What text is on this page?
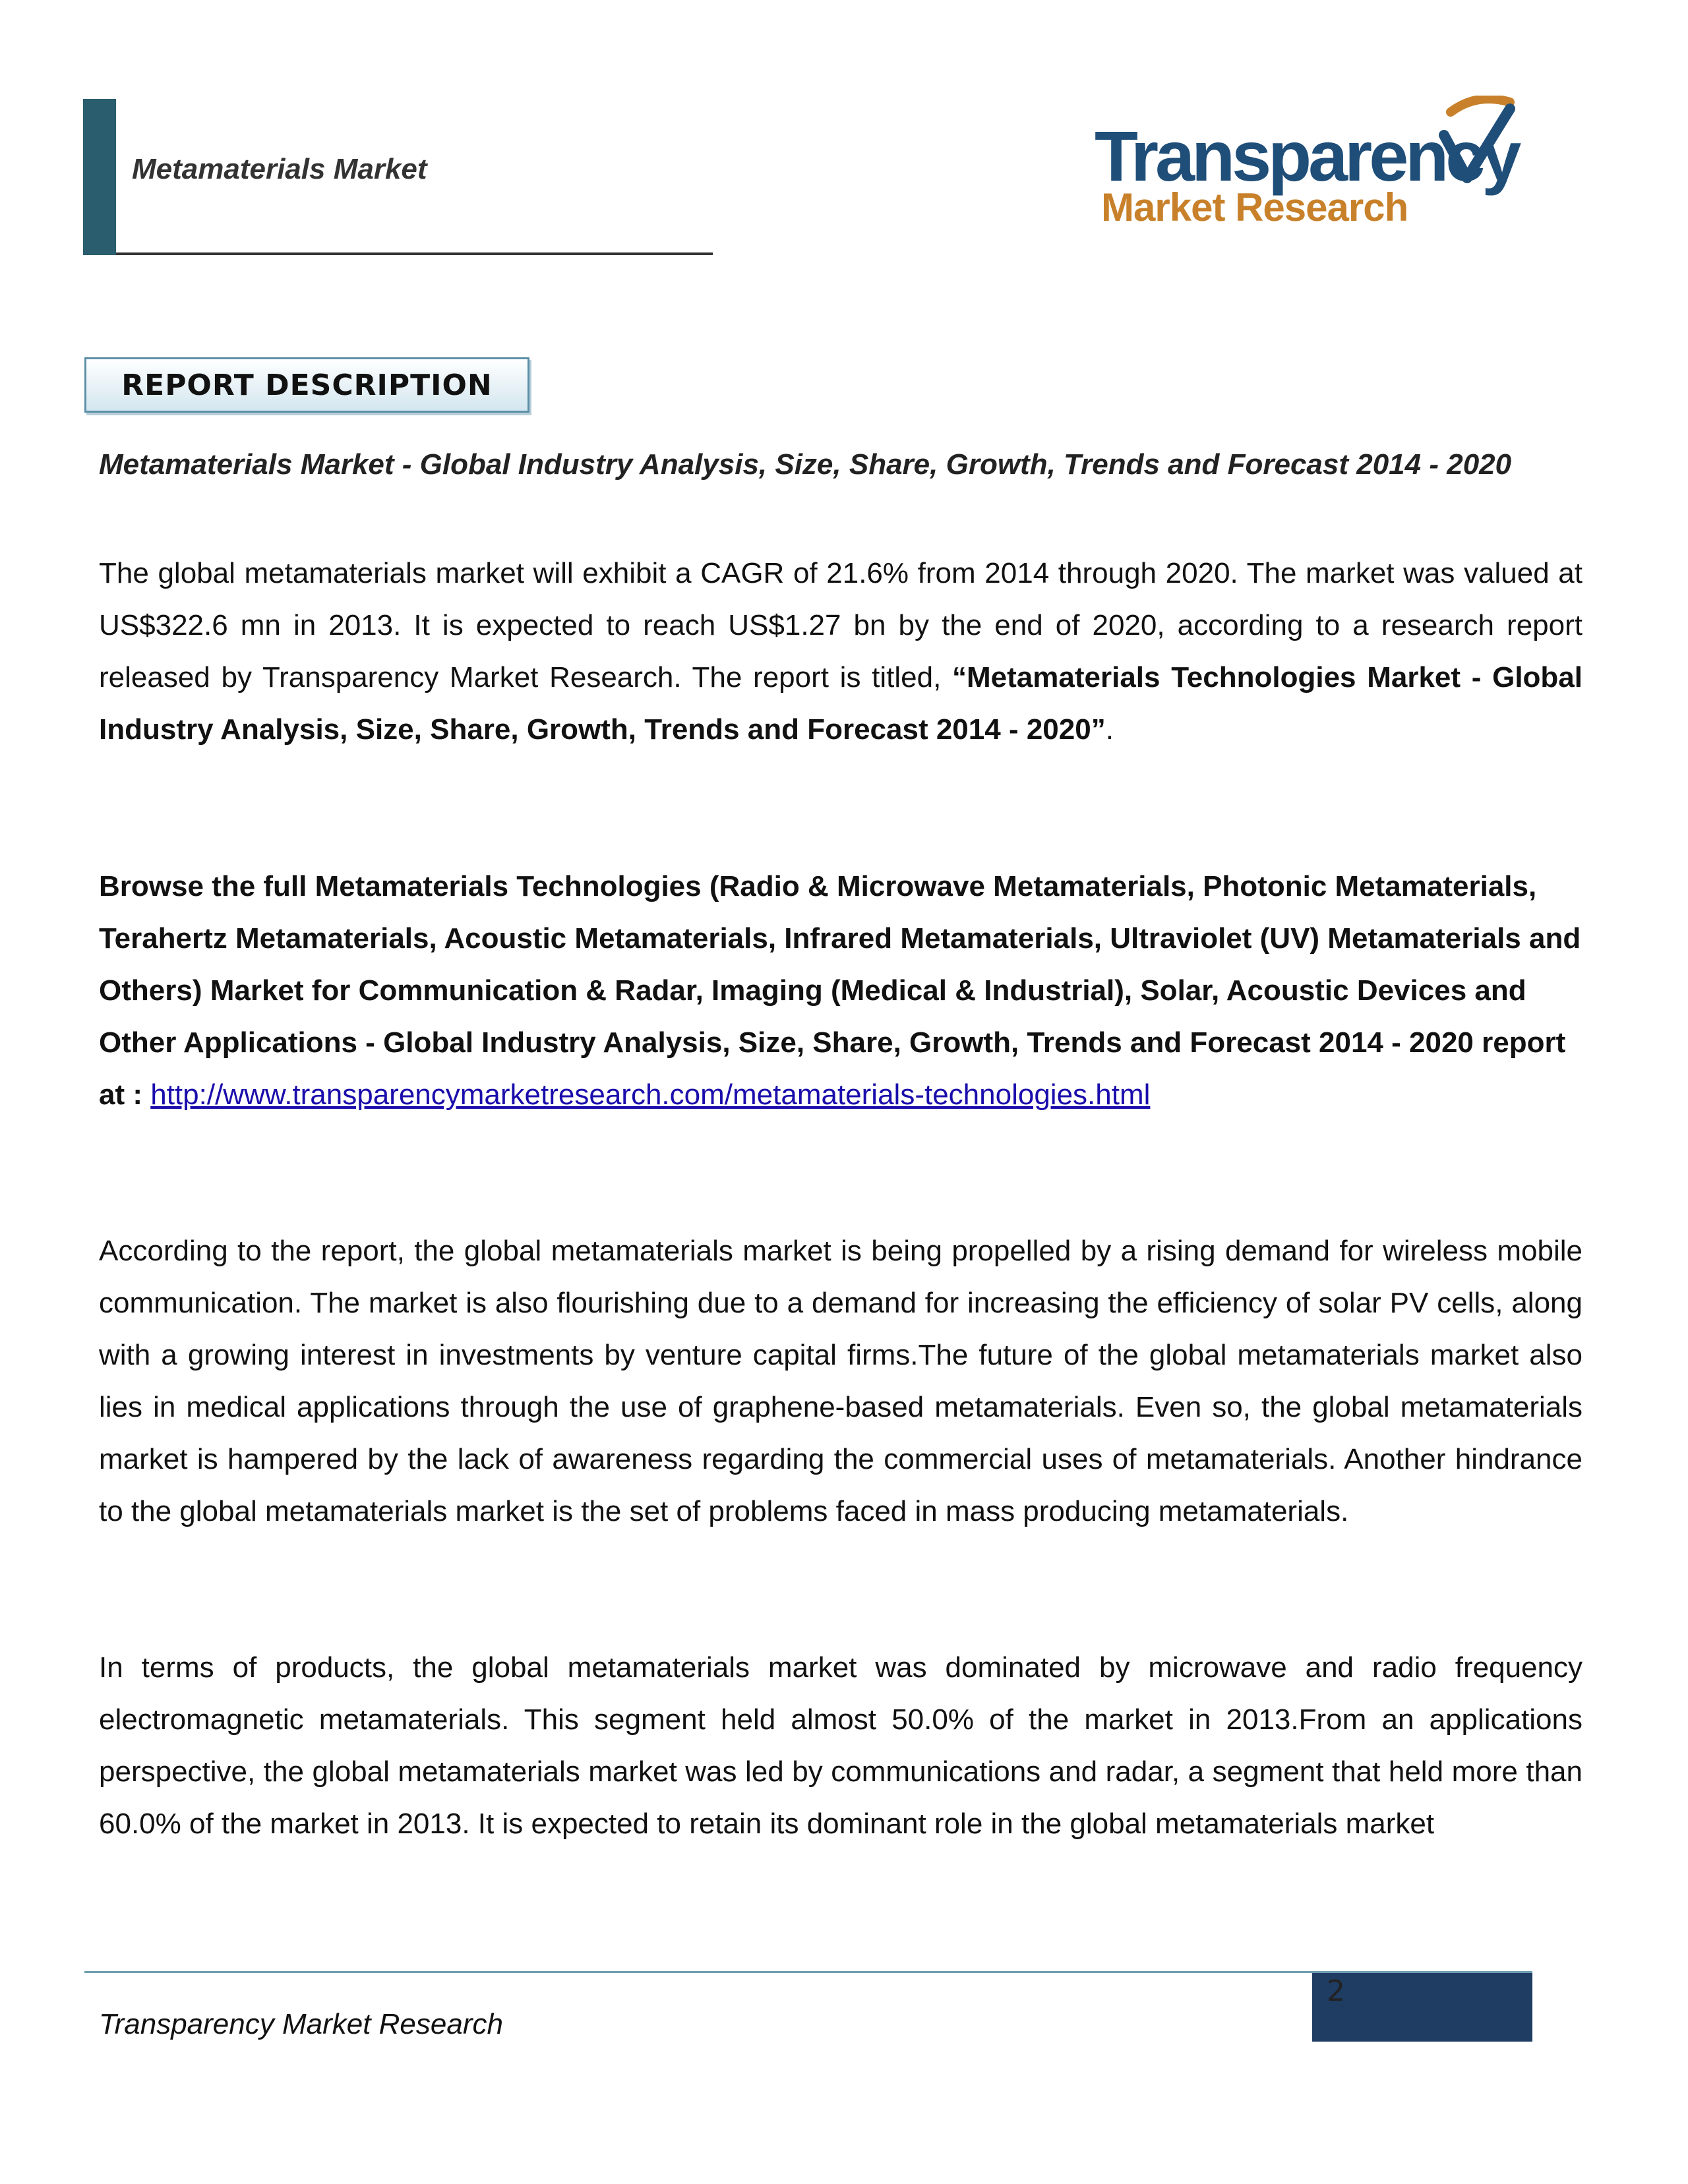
Metamaterials Market	Transparency
Market Research
REPORT DESCRIPTION
Metamaterials Market - Global Industry Analysis, Size, Share, Growth, Trends and Forecast 2014 - 2020

The global metamaterials market will exhibit a CAGR of 21.6% from 2014 through 2020. The market was valued at US$322.6 mn in 2013. It is expected to reach US$1.27 bn by the end of 2020, according to a research report released by Transparency Market Research. The report is titled, “Metamaterials Technologies Market - Global Industry Analysis, Size, Share, Growth, Trends and Forecast 2014 - 2020”.

Browse the full Metamaterials Technologies (Radio & Microwave Metamaterials, Photonic Metamaterials, Terahertz Metamaterials, Acoustic Metamaterials, Infrared Metamaterials, Ultraviolet (UV) Metamaterials and Others) Market for Communication & Radar, Imaging (Medical & Industrial), Solar, Acoustic Devices and Other Applications - Global Industry Analysis, Size, Share, Growth, Trends and Forecast 2014 - 2020 report at : http://www.transparencymarketresearch.com/metamaterials-technologies.html

According to the report, the global metamaterials market is being propelled by a rising demand for wireless mobile communication. The market is also flourishing due to a demand for increasing the efficiency of solar PV cells, along with a growing interest in investments by venture capital firms.The future of the global metamaterials market also lies in medical applications through the use of graphene-based metamaterials. Even so, the global metamaterials market is hampered by the lack of awareness regarding the commercial uses of metamaterials. Another hindrance to the global metamaterials market is the set of problems faced in mass producing metamaterials.

In terms of products, the global metamaterials market was dominated by microwave and radio frequency electromagnetic metamaterials. This segment held almost 50.0% of the market in 2013.From an applications perspective, the global metamaterials market was led by communications and radar, a segment that held more than 60.0% of the market in 2013. It is expected to retain its dominant role in the global metamaterials market

2
Transparency Market Research
